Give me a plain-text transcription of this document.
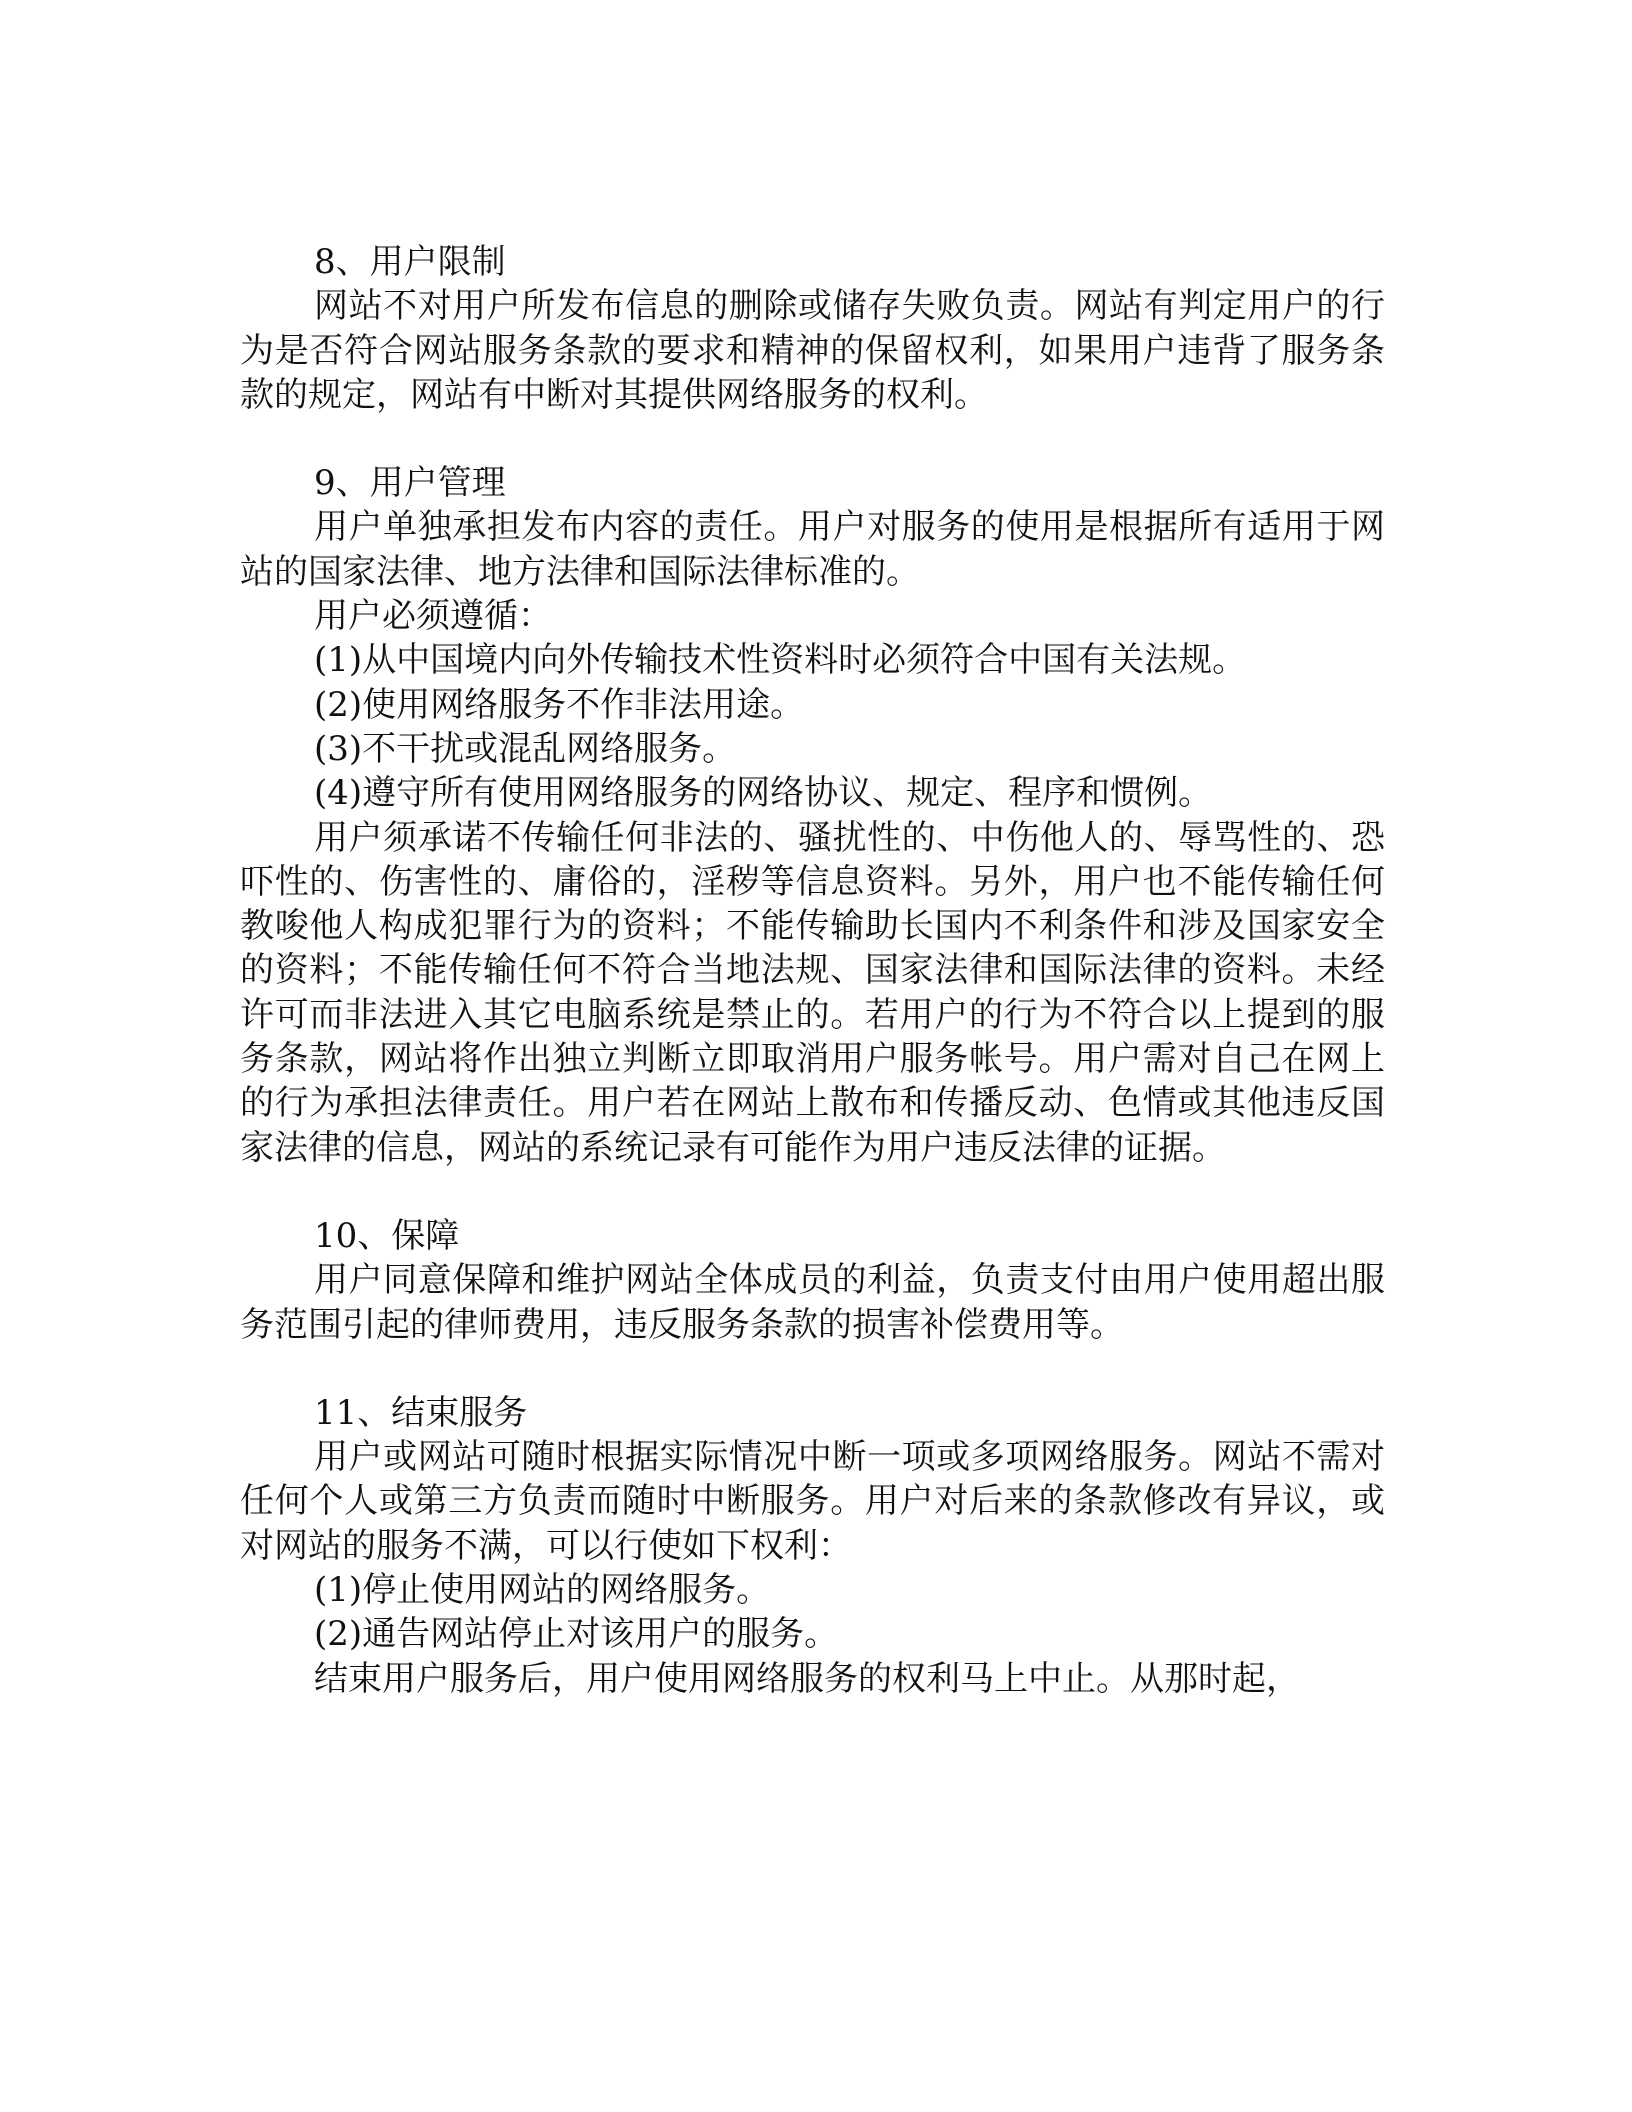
8、用户限制

网站不对用户所发布信息的删除或储存失败负责。网站有判定用户的行为是否符合网站服务条款的要求和精神的保留权利，如果用户违背了服务条款的规定，网站有中断对其提供网络服务的权利。

9、用户管理

用户单独承担发布内容的责任。用户对服务的使用是根据所有适用于网站的国家法律、地方法律和国际法律标准的。

用户必须遵循：

(1)从中国境内向外传输技术性资料时必须符合中国有关法规。

(2)使用网络服务不作非法用途。

(3)不干扰或混乱网络服务。

(4)遵守所有使用网络服务的网络协议、规定、程序和惯例。

用户须承诺不传输任何非法的、骚扰性的、中伤他人的、辱骂性的、恐吓性的、伤害性的、庸俗的，淫秽等信息资料。另外，用户也不能传输任何教唆他人构成犯罪行为的资料；不能传输助长国内不利条件和涉及国家安全的资料；不能传输任何不符合当地法规、国家法律和国际法律的资料。未经许可而非法进入其它电脑系统是禁止的。若用户的行为不符合以上提到的服务条款，网站将作出独立判断立即取消用户服务帐号。用户需对自己在网上的行为承担法律责任。用户若在网站上散布和传播反动、色情或其他违反国家法律的信息，网站的系统记录有可能作为用户违反法律的证据。

10、保障

用户同意保障和维护网站全体成员的利益，负责支付由用户使用超出服务范围引起的律师费用，违反服务条款的损害补偿费用等。

11、结束服务

用户或网站可随时根据实际情况中断一项或多项网络服务。网站不需对任何个人或第三方负责而随时中断服务。用户对后来的条款修改有异议，或对网站的服务不满，可以行使如下权利：

(1)停止使用网站的网络服务。

(2)通告网站停止对该用户的服务。

结束用户服务后，用户使用网络服务的权利马上中止。从那时起，
